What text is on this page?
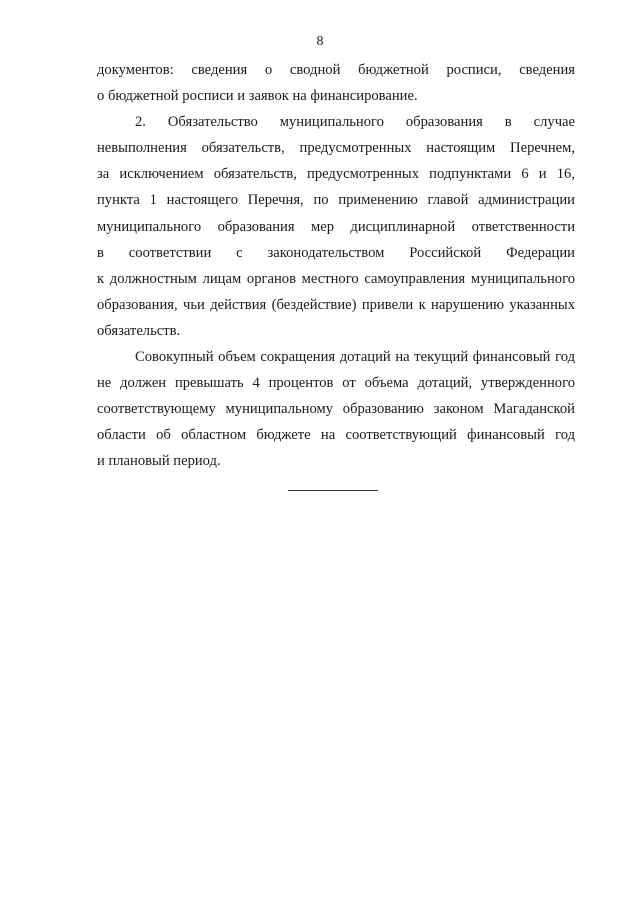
8
документов: сведения о сводной бюджетной росписи, сведения
о бюджетной росписи и заявок на финансирование.
2. Обязательство муниципального образования в случае
невыполнения обязательств, предусмотренных настоящим Перечнем,
за исключением обязательств, предусмотренных подпунктами 6 и 16,
пункта 1 настоящего Перечня, по применению главой администрации
муниципального образования мер дисциплинарной ответственности
в соответствии с законодательством Российской Федерации
к должностным лицам органов местного самоуправления муниципального
образования, чьи действия (бездействие) привели к нарушению указанных
обязательств.
Совокупный объем сокращения дотаций на текущий финансовый год
не должен превышать 4 процентов от объема дотаций, утвержденного
соответствующему муниципальному образованию законом Магаданской
области об областном бюджете на соответствующий финансовый год
и плановый период.
